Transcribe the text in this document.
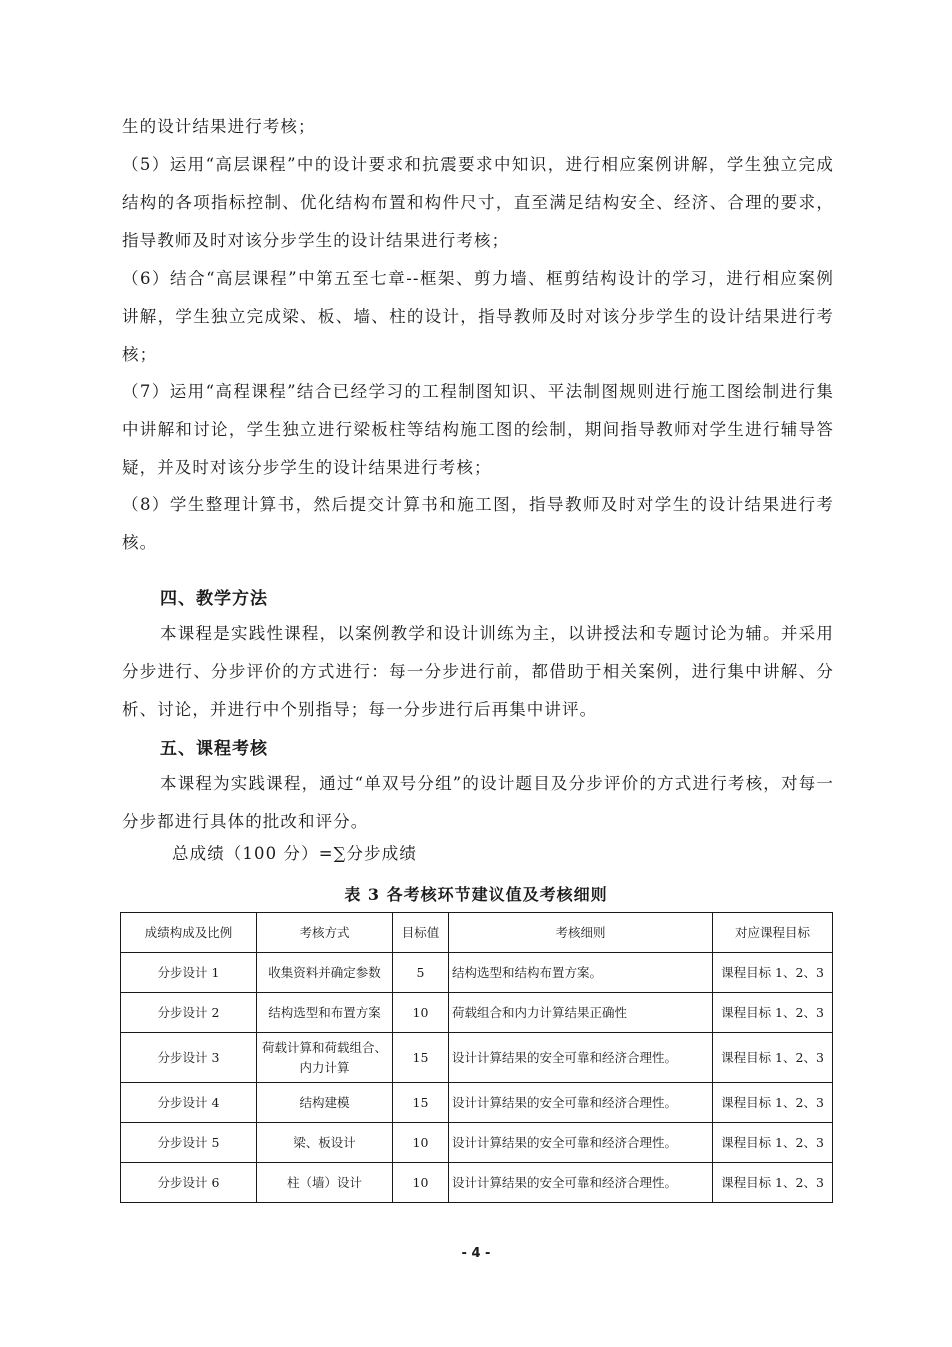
生的设计结果进行考核；

（5）运用“高层课程”中的设计要求和抗震要求中知识，进行相应案例讲解，学生独立完成结构的各项指标控制、优化结构布置和构件尺寸，直至满足结构安全、经济、合理的要求，指导教师及时对该分步学生的设计结果进行考核；

（6）结合“高层课程”中第五至七章--框架、剪力墙、框剪结构设计的学习，进行相应案例讲解，学生独立完成梁、板、墙、柱的设计，指导教师及时对该分步学生的设计结果进行考核；

（7）运用“高程课程”结合已经学习的工程制图知识、平法制图规则进行施工图绘制进行集中讲解和讨论，学生独立进行梁板柱等结构施工图的绘制，期间指导教师对学生进行辅导答疑，并及时对该分步学生的设计结果进行考核；

（8）学生整理计算书，然后提交计算书和施工图，指导教师及时对学生的设计结果进行考核。

四、教学方法

本课程是实践性课程，以案例教学和设计训练为主，以讲授法和专题讨论为辅。并采用分步进行、分步评价的方式进行：每一分步进行前，都借助于相关案例，进行集中讲解、分析、讨论，并进行中个别指导；每一分步进行后再集中讲评。

五、课程考核

本课程为实践课程，通过“单双号分组”的设计题目及分步评价的方式进行考核，对每一分步都进行具体的批改和评分。

总成绩（100 分）=∑分步成绩
表 3 各考核环节建议值及考核细则
成绩构成及比例	考核方式	目标值	考核细则	对应课程目标
分步设计 1	收集资料并确定参数	5	结构选型和结构布置方案。	课程目标 1、2、3
分步设计 2	结构选型和布置方案	10	荷载组合和内力计算结果正确性	课程目标 1、2、3
分步设计 3	荷载计算和荷载组合、内力计算	15	设计计算结果的安全可靠和经济合理性。	课程目标 1、2、3
分步设计 4	结构建模	15	设计计算结果的安全可靠和经济合理性。	课程目标 1、2、3
分步设计 5	梁、板设计	10	设计计算结果的安全可靠和经济合理性。	课程目标 1、2、3
分步设计 6	柱（墙）设计	10	设计计算结果的安全可靠和经济合理性。	课程目标 1、2、3
- 4 -
